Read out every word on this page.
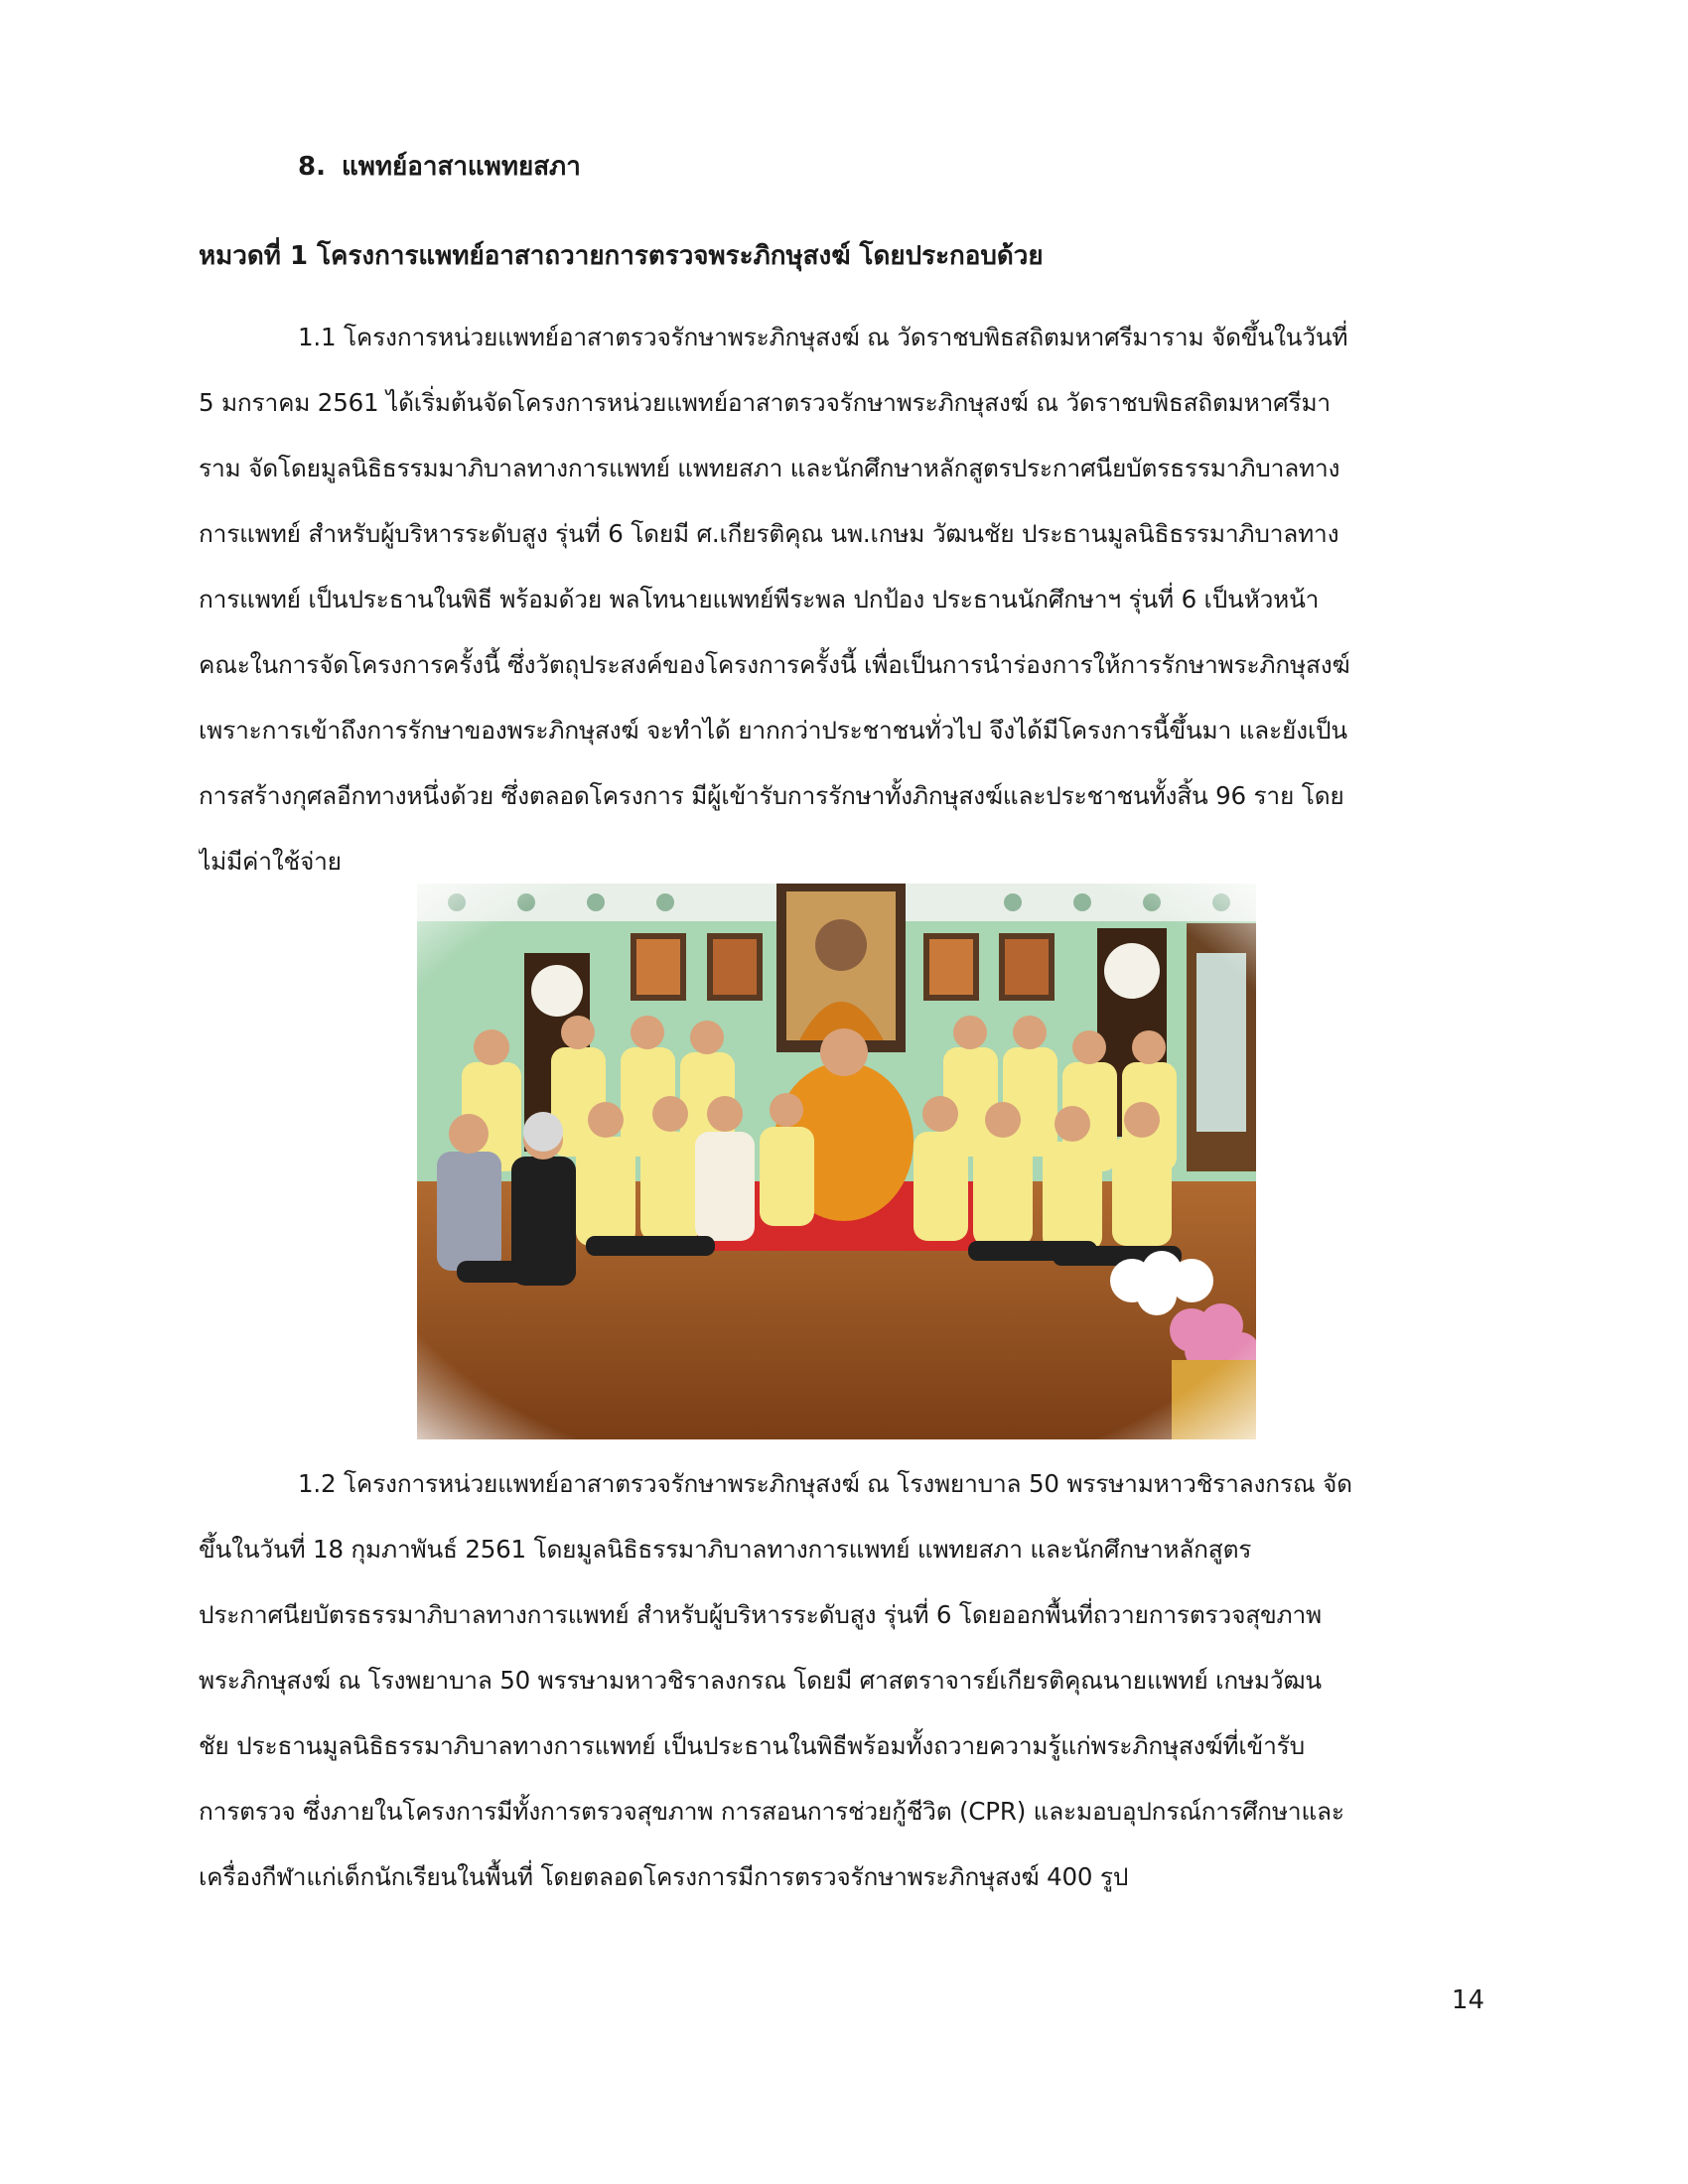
8. แพทย์อาสาแพทยสภา
หมวดที่ 1 โครงการแพทย์อาสาถวายการตรวจพระภิกษุสงฆ์ โดยประกอบด้วย
1.1 โครงการหน่วยแพทย์อาสาตรวจรักษาพระภิกษุสงฆ์ ณ วัดราชบพิธสถิตมหาศรีมาราม จัดขึ้นในวันที่
5 มกราคม 2561 ได้เริ่มต้นจัดโครงการหน่วยแพทย์อาสาตรวจรักษาพระภิกษุสงฆ์ ณ วัดราชบพิธสถิตมหาศรีมา
ราม จัดโดยมูลนิธิธรรมมาภิบาลทางการแพทย์ แพทยสภา และนักศึกษาหลักสูตรประกาศนียบัตรธรรมาภิบาลทาง
การแพทย์ สำหรับผู้บริหารระดับสูง รุ่นที่ 6 โดยมี ศ.เกียรติคุณ นพ.เกษม วัฒนชัย ประธานมูลนิธิธรรมาภิบาลทาง
การแพทย์ เป็นประธานในพิธี พร้อมด้วย พลโทนายแพทย์พีระพล ปกป้อง ประธานนักศึกษาฯ รุ่นที่ 6 เป็นหัวหน้า
คณะในการจัดโครงการครั้งนี้ ซึ่งวัตถุประสงค์ของโครงการครั้งนี้ เพื่อเป็นการนำร่องการให้การรักษาพระภิกษุสงฆ์
เพราะการเข้าถึงการรักษาของพระภิกษุสงฆ์ จะทำได้ ยากกว่าประชาชนทั่วไป จึงได้มีโครงการนี้ขึ้นมา และยังเป็น
การสร้างกุศลอีกทางหนึ่งด้วย ซึ่งตลอดโครงการ มีผู้เข้ารับการรักษาทั้งภิกษุสงฆ์และประชาชนทั้งสิ้น 96 ราย โดย
ไม่มีค่าใช้จ่าย
1.2 โครงการหน่วยแพทย์อาสาตรวจรักษาพระภิกษุสงฆ์ ณ โรงพยาบาล 50 พรรษามหาวชิราลงกรณ จัด
ขึ้นในวันที่ 18 กุมภาพันธ์ 2561 โดยมูลนิธิธรรมาภิบาลทางการแพทย์ แพทยสภา และนักศึกษาหลักสูตร
ประกาศนียบัตรธรรมาภิบาลทางการแพทย์ สำหรับผู้บริหารระดับสูง รุ่นที่ 6 โดยออกพื้นที่ถวายการตรวจสุขภาพ
พระภิกษุสงฆ์ ณ โรงพยาบาล 50 พรรษามหาวชิราลงกรณ โดยมี ศาสตราจารย์เกียรติคุณนายแพทย์ เกษมวัฒน
ชัย ประธานมูลนิธิธรรมาภิบาลทางการแพทย์ เป็นประธานในพิธีพร้อมทั้งถวายความรู้แก่พระภิกษุสงฆ์ที่เข้ารับ
การตรวจ ซึ่งภายในโครงการมีทั้งการตรวจสุขภาพ การสอนการช่วยกู้ชีวิต (CPR) และมอบอุปกรณ์การศึกษาและ
เครื่องกีฬาแก่เด็กนักเรียนในพื้นที่ โดยตลอดโครงการมีการตรวจรักษาพระภิกษุสงฆ์ 400 รูป
14
